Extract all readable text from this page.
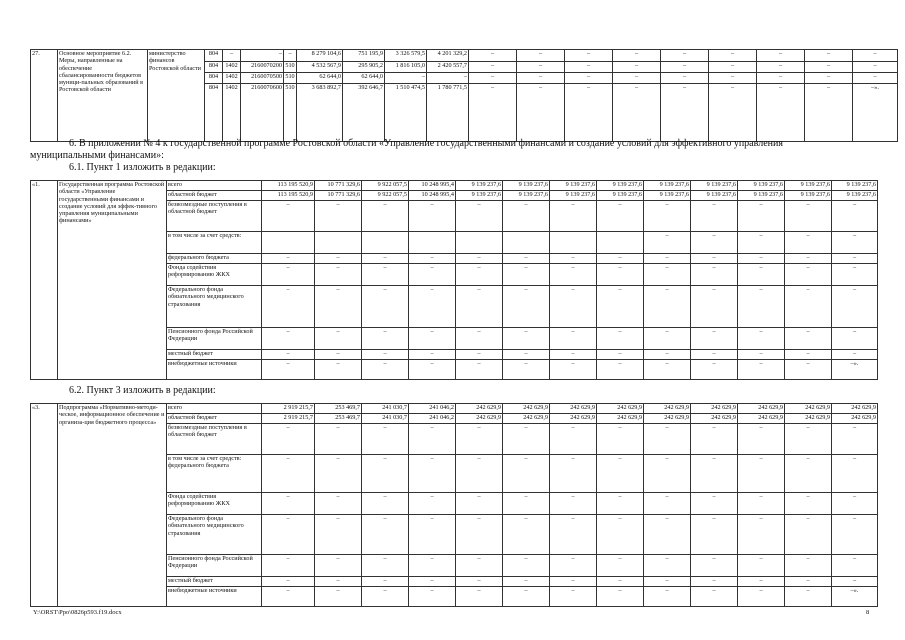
27.	Основное мероприятие 6.2. Меры, направленные на обеспечение сбалансированности бюджетов муници-пальных образований в Ростовской области	министерство финансов Ростовской области	804	–	–	–	8 279 104,6	751 195,9	3 326 579,5	4 201 329,2	–	–	–	–	–	–	–	–	–
			804	1402	2160070200	510	4 532 567,9	295 905,2	1 816 105,0	2 420 557,7	–	–	–	–	–	–	–	–	–
			804	1402	2160070500	510	62 644,0	62 644,0	–	–	–	–	–	–	–	–	–	–	–
			804	1402	2160070600	510	3 683 892,7	392 646,7	1 510 474,5	1 780 771,5	–	–	–	–	–	–	–	–	–».
6. В приложении № 4 к государственной программе Ростовской области «Управление государственными финансами и создание условий для эффективного управления
муниципальными финансами»:
6.1. Пункт 1 изложить в редакции:
«1.	Государственная программа Ростовской области «Управление государственными финансами и создание условий для эффек-тивного управления муниципальными финансами»	всего	113 195 520,9	10 771 329,6	9 922 057,5	10 248 995,4	9 139 237,6	9 139 237,6	9 139 237,6	9 139 237,6	9 139 237,6	9 139 237,6	9 139 237,6	9 139 237,6	9 139 237,6
		областной бюджет	113 195 520,9	10 771 329,6	9 922 057,5	10 248 995,4	9 139 237,6	9 139 237,6	9 139 237,6	9 139 237,6	9 139 237,6	9 139 237,6	9 139 237,6	9 139 237,6	9 139 237,6
		безвозмездные поступления в областной бюджет	–	–	–	–	–	–	–	–	–	–	–	–	–
		в том числе за счет средств:									–	–	–	–	–
		федерального бюджета	–	–	–	–	–	–	–	–	–	–	–	–	–
		Фонда содействия реформированию ЖКХ	–	–	–	–	–	–	–	–	–	–	–	–	–
		Федерального фонда обязательного медицинского страхования	–	–	–	–	–	–	–	–	–	–	–	–	–
		Пенсионного фонда Российской Федерации	–	–	–	–	–	–	–	–	–	–	–	–	–
		местный бюджет	–	–	–	–	–	–	–	–	–	–	–	–	–
		внебюджетные источники	–	–	–	–	–	–	–	–	–	–	–	–	–».
6.2. Пункт 3 изложить в редакции:
«3.	Подпрограмма «Нормативно-методи-ческое, информационное обеспечение и организа-ция бюджетного процесса»	всего	2 919 215,7	253 469,7	241 030,7	241 046,2	242 629,9	242 629,9	242 629,9	242 629,9	242 629,9	242 629,9	242 629,9	242 629,9	242 629,9
		областной бюджет	2 919 215,7	253 469,7	241 030,7	241 046,2	242 629,9	242 629,9	242 629,9	242 629,9	242 629,9	242 629,9	242 629,9	242 629,9	242 629,9
		безвозмездные поступления в областной бюджет	–	–	–	–	–	–	–	–	–	–	–	–	–
		в том числе за счет средств: федерального бюджета	–	–	–	–	–	–	–	–	–	–	–	–	–
		Фонда содействия реформированию ЖКХ	–	–	–	–	–	–	–	–	–	–	–	–	–
		Федерального фонда обязательного медицинского страхования	–	–	–	–	–	–	–	–	–	–	–	–	–
		Пенсионного фонда Российской Федерации	–	–	–	–	–	–	–	–	–	–	–	–	–
		местный бюджет	–	–	–	–	–	–	–	–	–	–	–	–	–
		внебюджетные источники	–	–	–	–	–	–	–	–	–	–	–	–	–».
Y:\ORST\Ppo\0826p593.f19.docx	8
